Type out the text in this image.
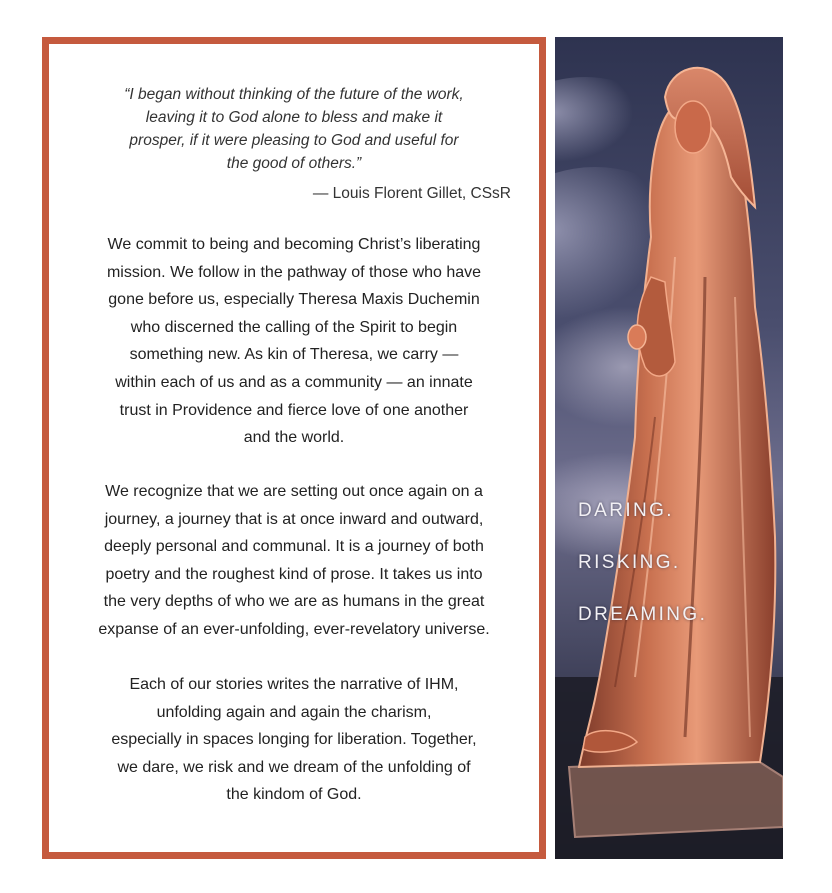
“I began without thinking of the future of the work,
leaving it to God alone to bless and make it
prosper, if it were pleasing to God and useful for
the good of others.”
— Louis Florent Gillet, CSsR
We commit to being and becoming Christ’s liberating
mission. We follow in the pathway of those who have
gone before us, especially Theresa Maxis Duchemin
who discerned the calling of the Spirit to begin
something new. As kin of Theresa, we carry —
within each of us and as a community — an innate
trust in Providence and fierce love of one another
and the world.
We recognize that we are setting out once again on a
journey, a journey that is at once inward and outward,
deeply personal and communal. It is a journey of both
poetry and the roughest kind of prose. It takes us into
the very depths of who we are as humans in the great
expanse of an ever-unfolding, ever-revelatory universe.
Each of our stories writes the narrative of IHM,
unfolding again and again the charism,
especially in spaces longing for liberation. Together,
we dare, we risk and we dream of the unfolding of
the kindom of God.
DARING.
RISKING.
DREAMING.
